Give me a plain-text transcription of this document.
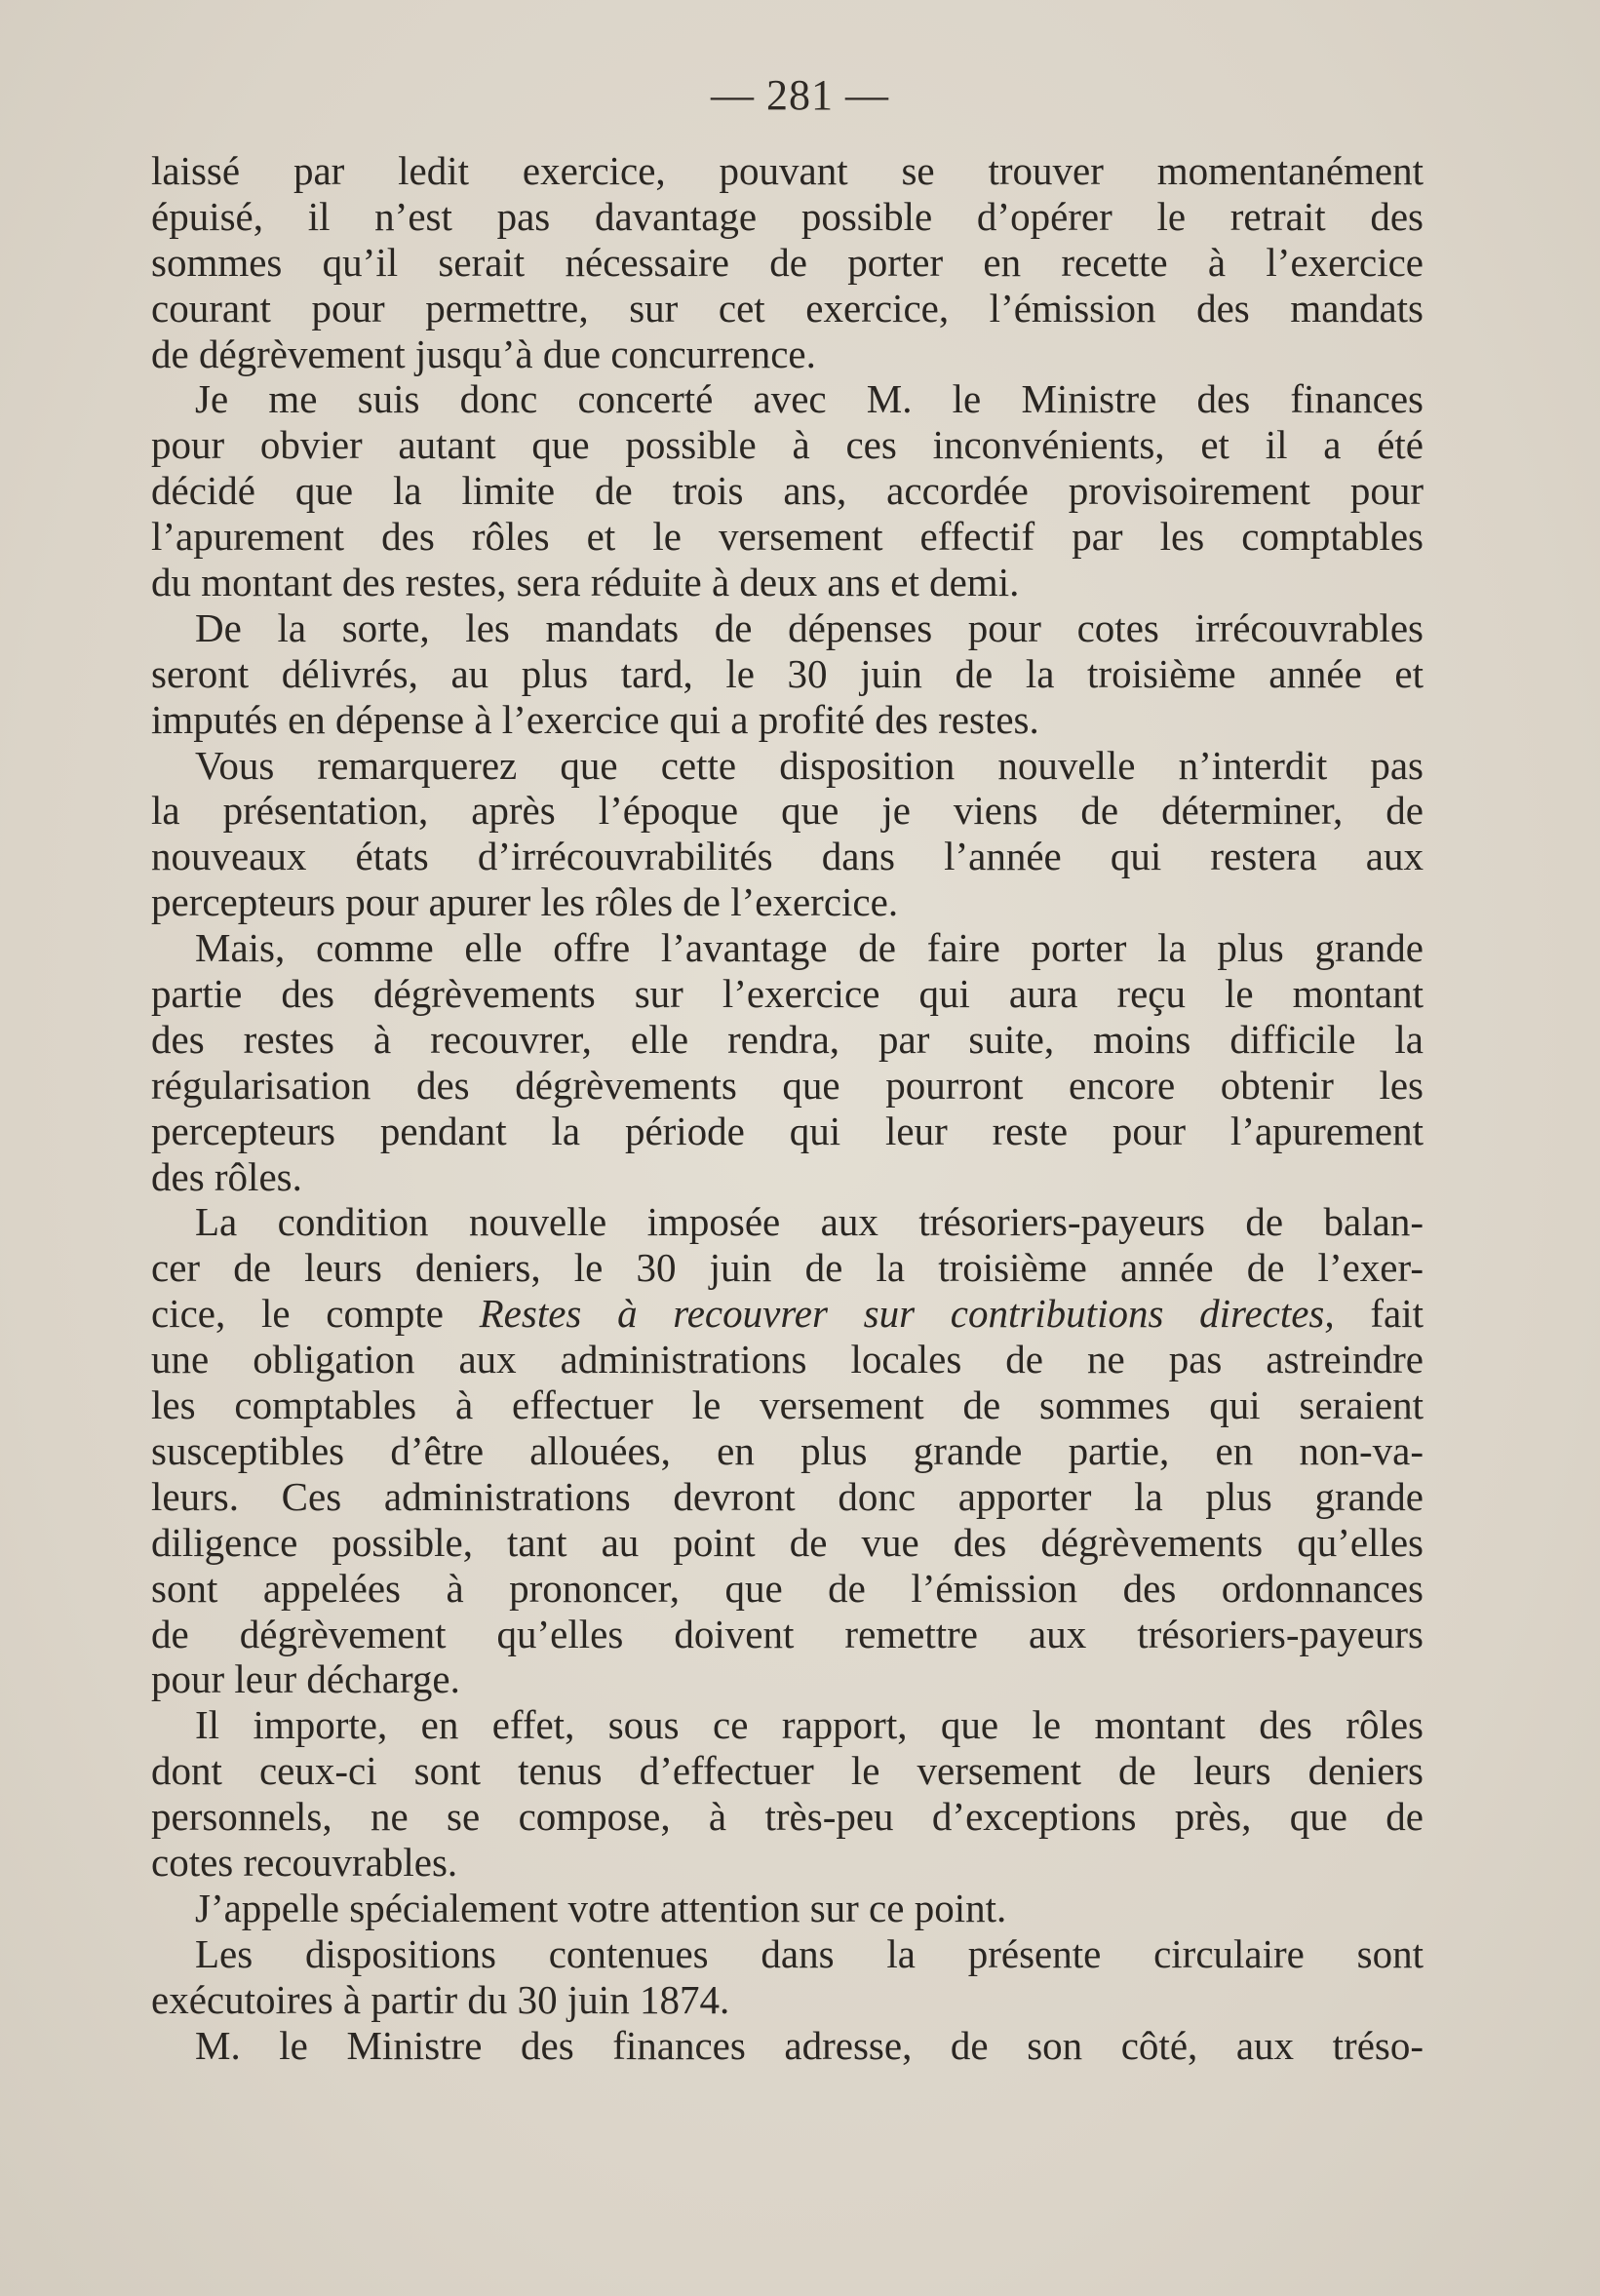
— 281 —
laissé par ledit exercice, pouvant se trouver momentanément
épuisé, il n’est pas davantage possible d’opérer le retrait des
sommes qu’il serait nécessaire de porter en recette à l’exercice
courant pour permettre, sur cet exercice, l’émission des mandats
de dégrèvement jusqu’à due concurrence.
Je me suis donc concerté avec M. le Ministre des finances
pour obvier autant que possible à ces inconvénients, et il a été
décidé que la limite de trois ans, accordée provisoirement pour
l’apurement des rôles et le versement effectif par les comptables
du montant des restes, sera réduite à deux ans et demi.
De la sorte, les mandats de dépenses pour cotes irrécouvrables
seront délivrés, au plus tard, le 30 juin de la troisième année et
imputés en dépense à l’exercice qui a profité des restes.
Vous remarquerez que cette disposition nouvelle n’interdit pas
la présentation, après l’époque que je viens de déterminer, de
nouveaux états d’irrécouvrabilités dans l’année qui restera aux
percepteurs pour apurer les rôles de l’exercice.
Mais, comme elle offre l’avantage de faire porter la plus grande
partie des dégrèvements sur l’exercice qui aura reçu le montant
des restes à recouvrer, elle rendra, par suite, moins difficile la
régularisation des dégrèvements que pourront encore obtenir les
percepteurs pendant la période qui leur reste pour l’apurement
des rôles.
La condition nouvelle imposée aux trésoriers-payeurs de balan-
cer de leurs deniers, le 30 juin de la troisième année de l’exer-
cice, le compte Restes à recouvrer sur contributions directes, fait
une obligation aux administrations locales de ne pas astreindre
les comptables à effectuer le versement de sommes qui seraient
susceptibles d’être allouées, en plus grande partie, en non-va-
leurs. Ces administrations devront donc apporter la plus grande
diligence possible, tant au point de vue des dégrèvements qu’elles
sont appelées à prononcer, que de l’émission des ordonnances
de dégrèvement qu’elles doivent remettre aux trésoriers-payeurs
pour leur décharge.
Il importe, en effet, sous ce rapport, que le montant des rôles
dont ceux-ci sont tenus d’effectuer le versement de leurs deniers
personnels, ne se compose, à très-peu d’exceptions près, que de
cotes recouvrables.
J’appelle spécialement votre attention sur ce point.
Les dispositions contenues dans la présente circulaire sont
exécutoires à partir du 30 juin 1874.
M. le Ministre des finances adresse, de son côté, aux tréso-
